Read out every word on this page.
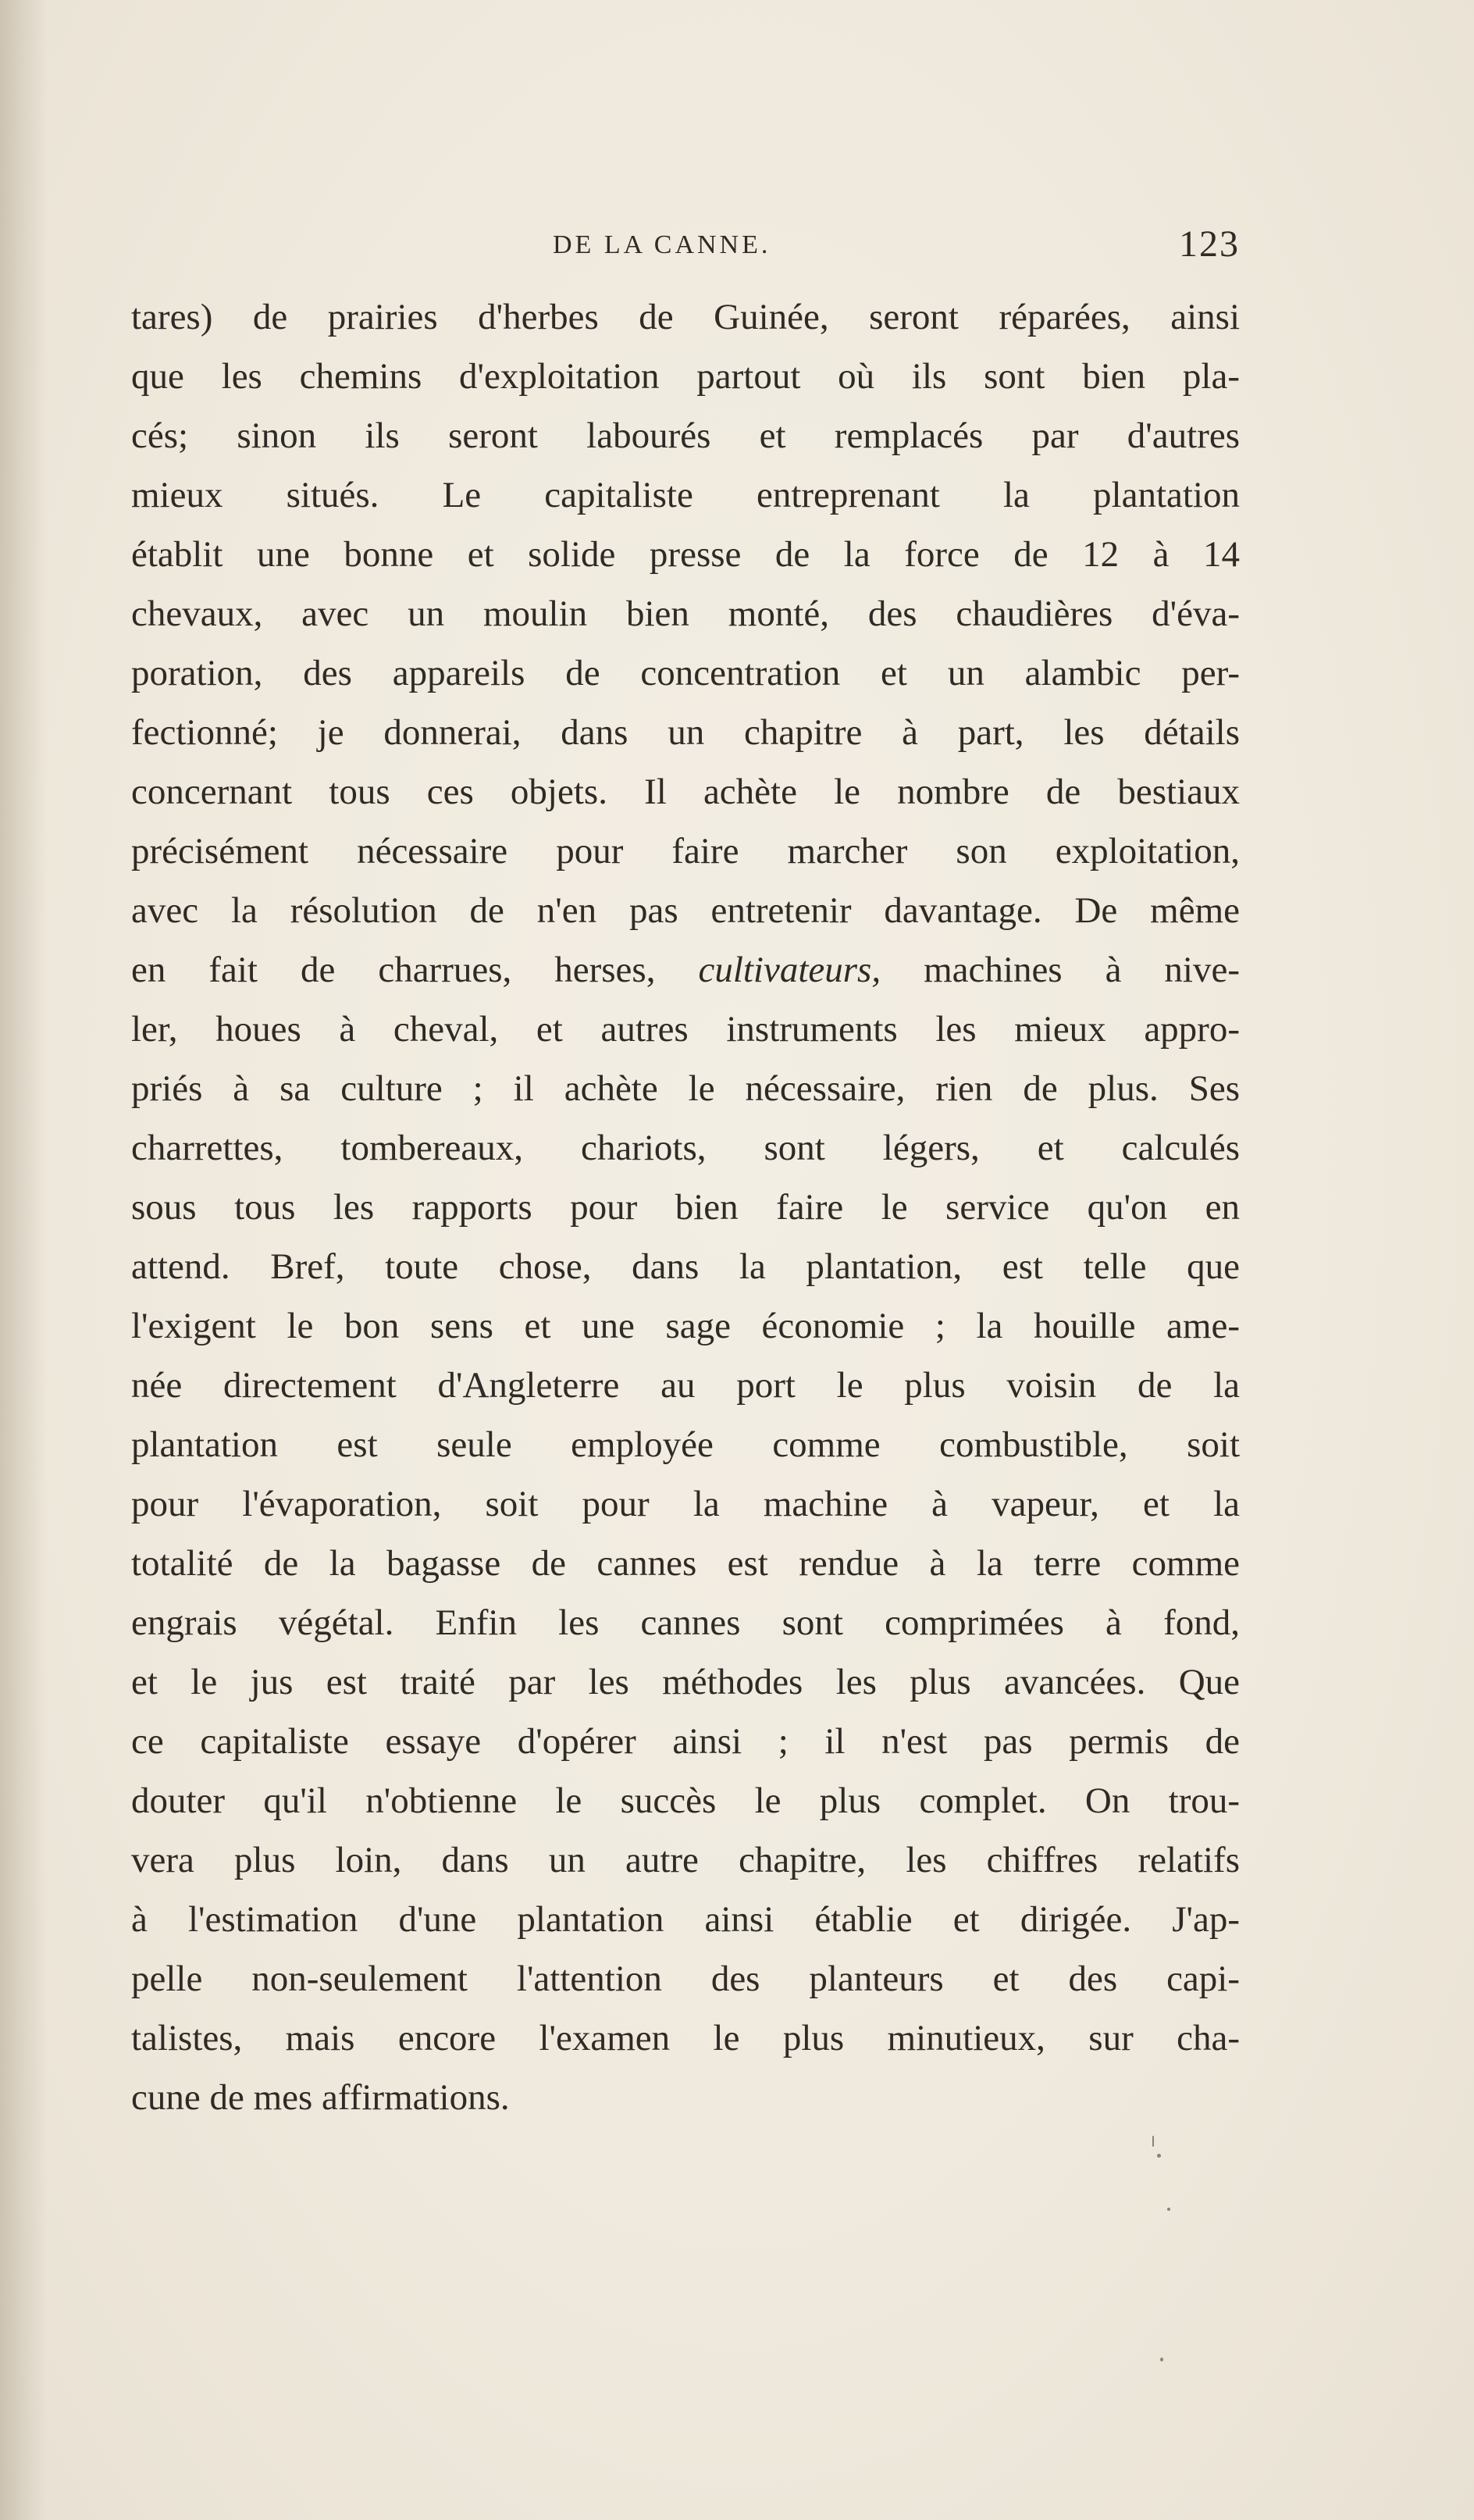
DE LA CANNE.	123
tares) de prairies d'herbes de Guinée, seront réparées, ainsi
que les chemins d'exploitation partout où ils sont bien pla-
cés; sinon ils seront labourés et remplacés par d'autres
mieux situés. Le capitaliste entreprenant la plantation
établit une bonne et solide presse de la force de 12 à 14
chevaux, avec un moulin bien monté, des chaudières d'éva-
poration, des appareils de concentration et un alambic per-
fectionné; je donnerai, dans un chapitre à part, les détails
concernant tous ces objets. Il achète le nombre de bestiaux
précisément nécessaire pour faire marcher son exploitation,
avec la résolution de n'en pas entretenir davantage. De même
en fait de charrues, herses, cultivateurs, machines à nive-
ler, houes à cheval, et autres instruments les mieux appro-
priés à sa culture ; il achète le nécessaire, rien de plus. Ses
charrettes, tombereaux, chariots, sont légers, et calculés
sous tous les rapports pour bien faire le service qu'on en
attend. Bref, toute chose, dans la plantation, est telle que
l'exigent le bon sens et une sage économie ; la houille ame-
née directement d'Angleterre au port le plus voisin de la
plantation est seule employée comme combustible, soit
pour l'évaporation, soit pour la machine à vapeur, et la
totalité de la bagasse de cannes est rendue à la terre comme
engrais végétal. Enfin les cannes sont comprimées à fond,
et le jus est traité par les méthodes les plus avancées. Que
ce capitaliste essaye d'opérer ainsi ; il n'est pas permis de
douter qu'il n'obtienne le succès le plus complet. On trou-
vera plus loin, dans un autre chapitre, les chiffres relatifs
à l'estimation d'une plantation ainsi établie et dirigée. J'ap-
pelle non-seulement l'attention des planteurs et des capi-
talistes, mais encore l'examen le plus minutieux, sur cha-
cune de mes affirmations.
